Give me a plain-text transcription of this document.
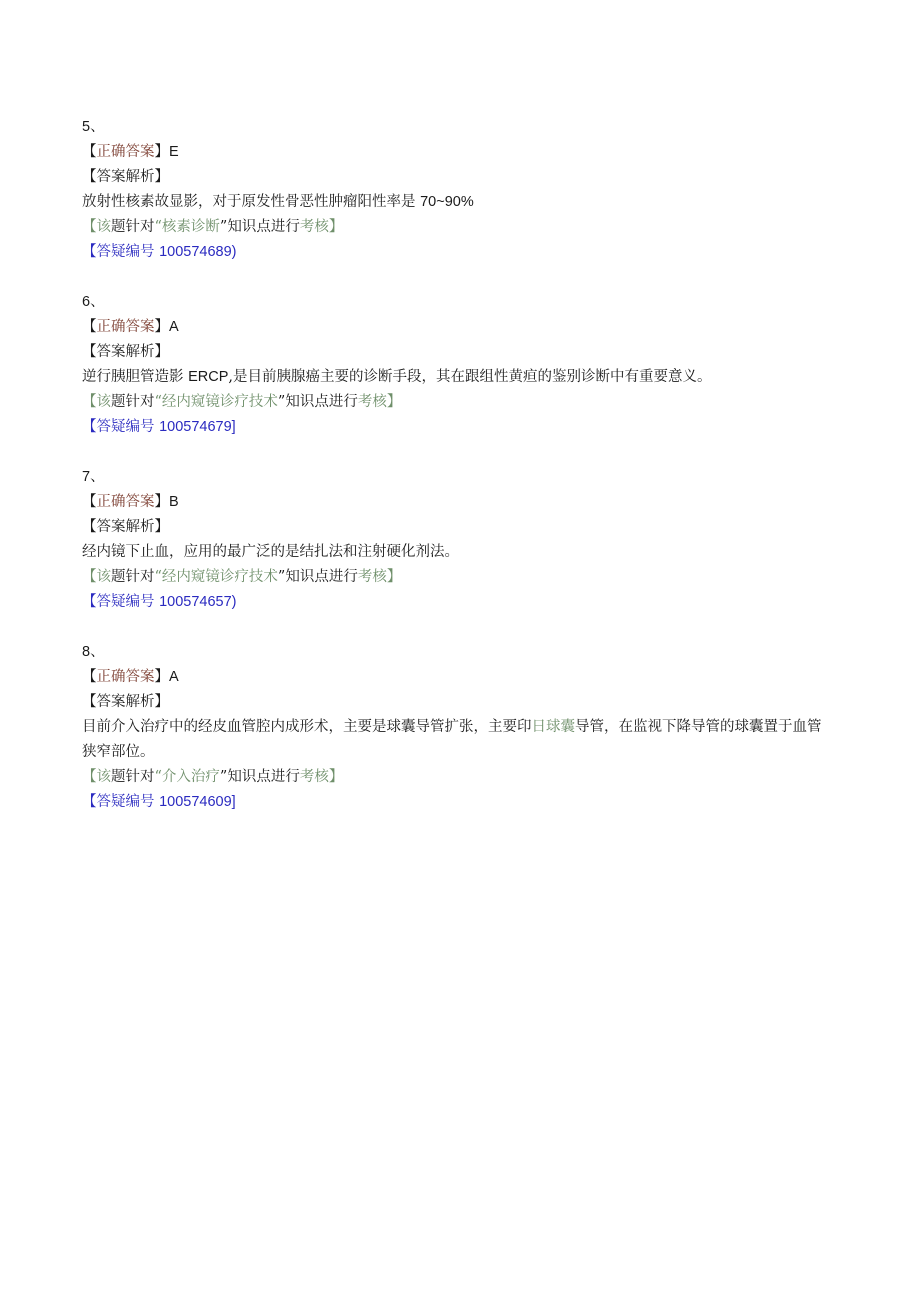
5、
【正确答案】E
【答案解析】
放射性核素故显影，对于原发性骨恶性肿瘤阳性率是 70~90%
【该题针对“核素诊断”知识点进行考核】
【答疑编号 100574689)
6、
【正确答案】A
【答案解析】
逆行胰胆管造影 ERCP,是目前胰腺癌主要的诊断手段，其在跟组性黄疸的鉴别诊断中有重要意义。
【该题针对“经内窥镜诊疗技术”知识点进行考核】
【答疑编号 100574679]
7、
【正确答案】B
【答案解析】
经内镜下止血，应用的最广泛的是结扎法和注射硬化剂法。
【该题针对“经内窥镜诊疗技术”知识点进行考核】
【答疑编号 100574657)
8、
【正确答案】A
【答案解析】
目前介入治疗中的经皮血管腔内成形术，主要是球囊导管扩张，主要印日球囊导管，在监视下降导管的球囊置于血管狭窄部位。
【该题针对“介入治疗”知识点进行考核】
【答疑编号 100574609]
